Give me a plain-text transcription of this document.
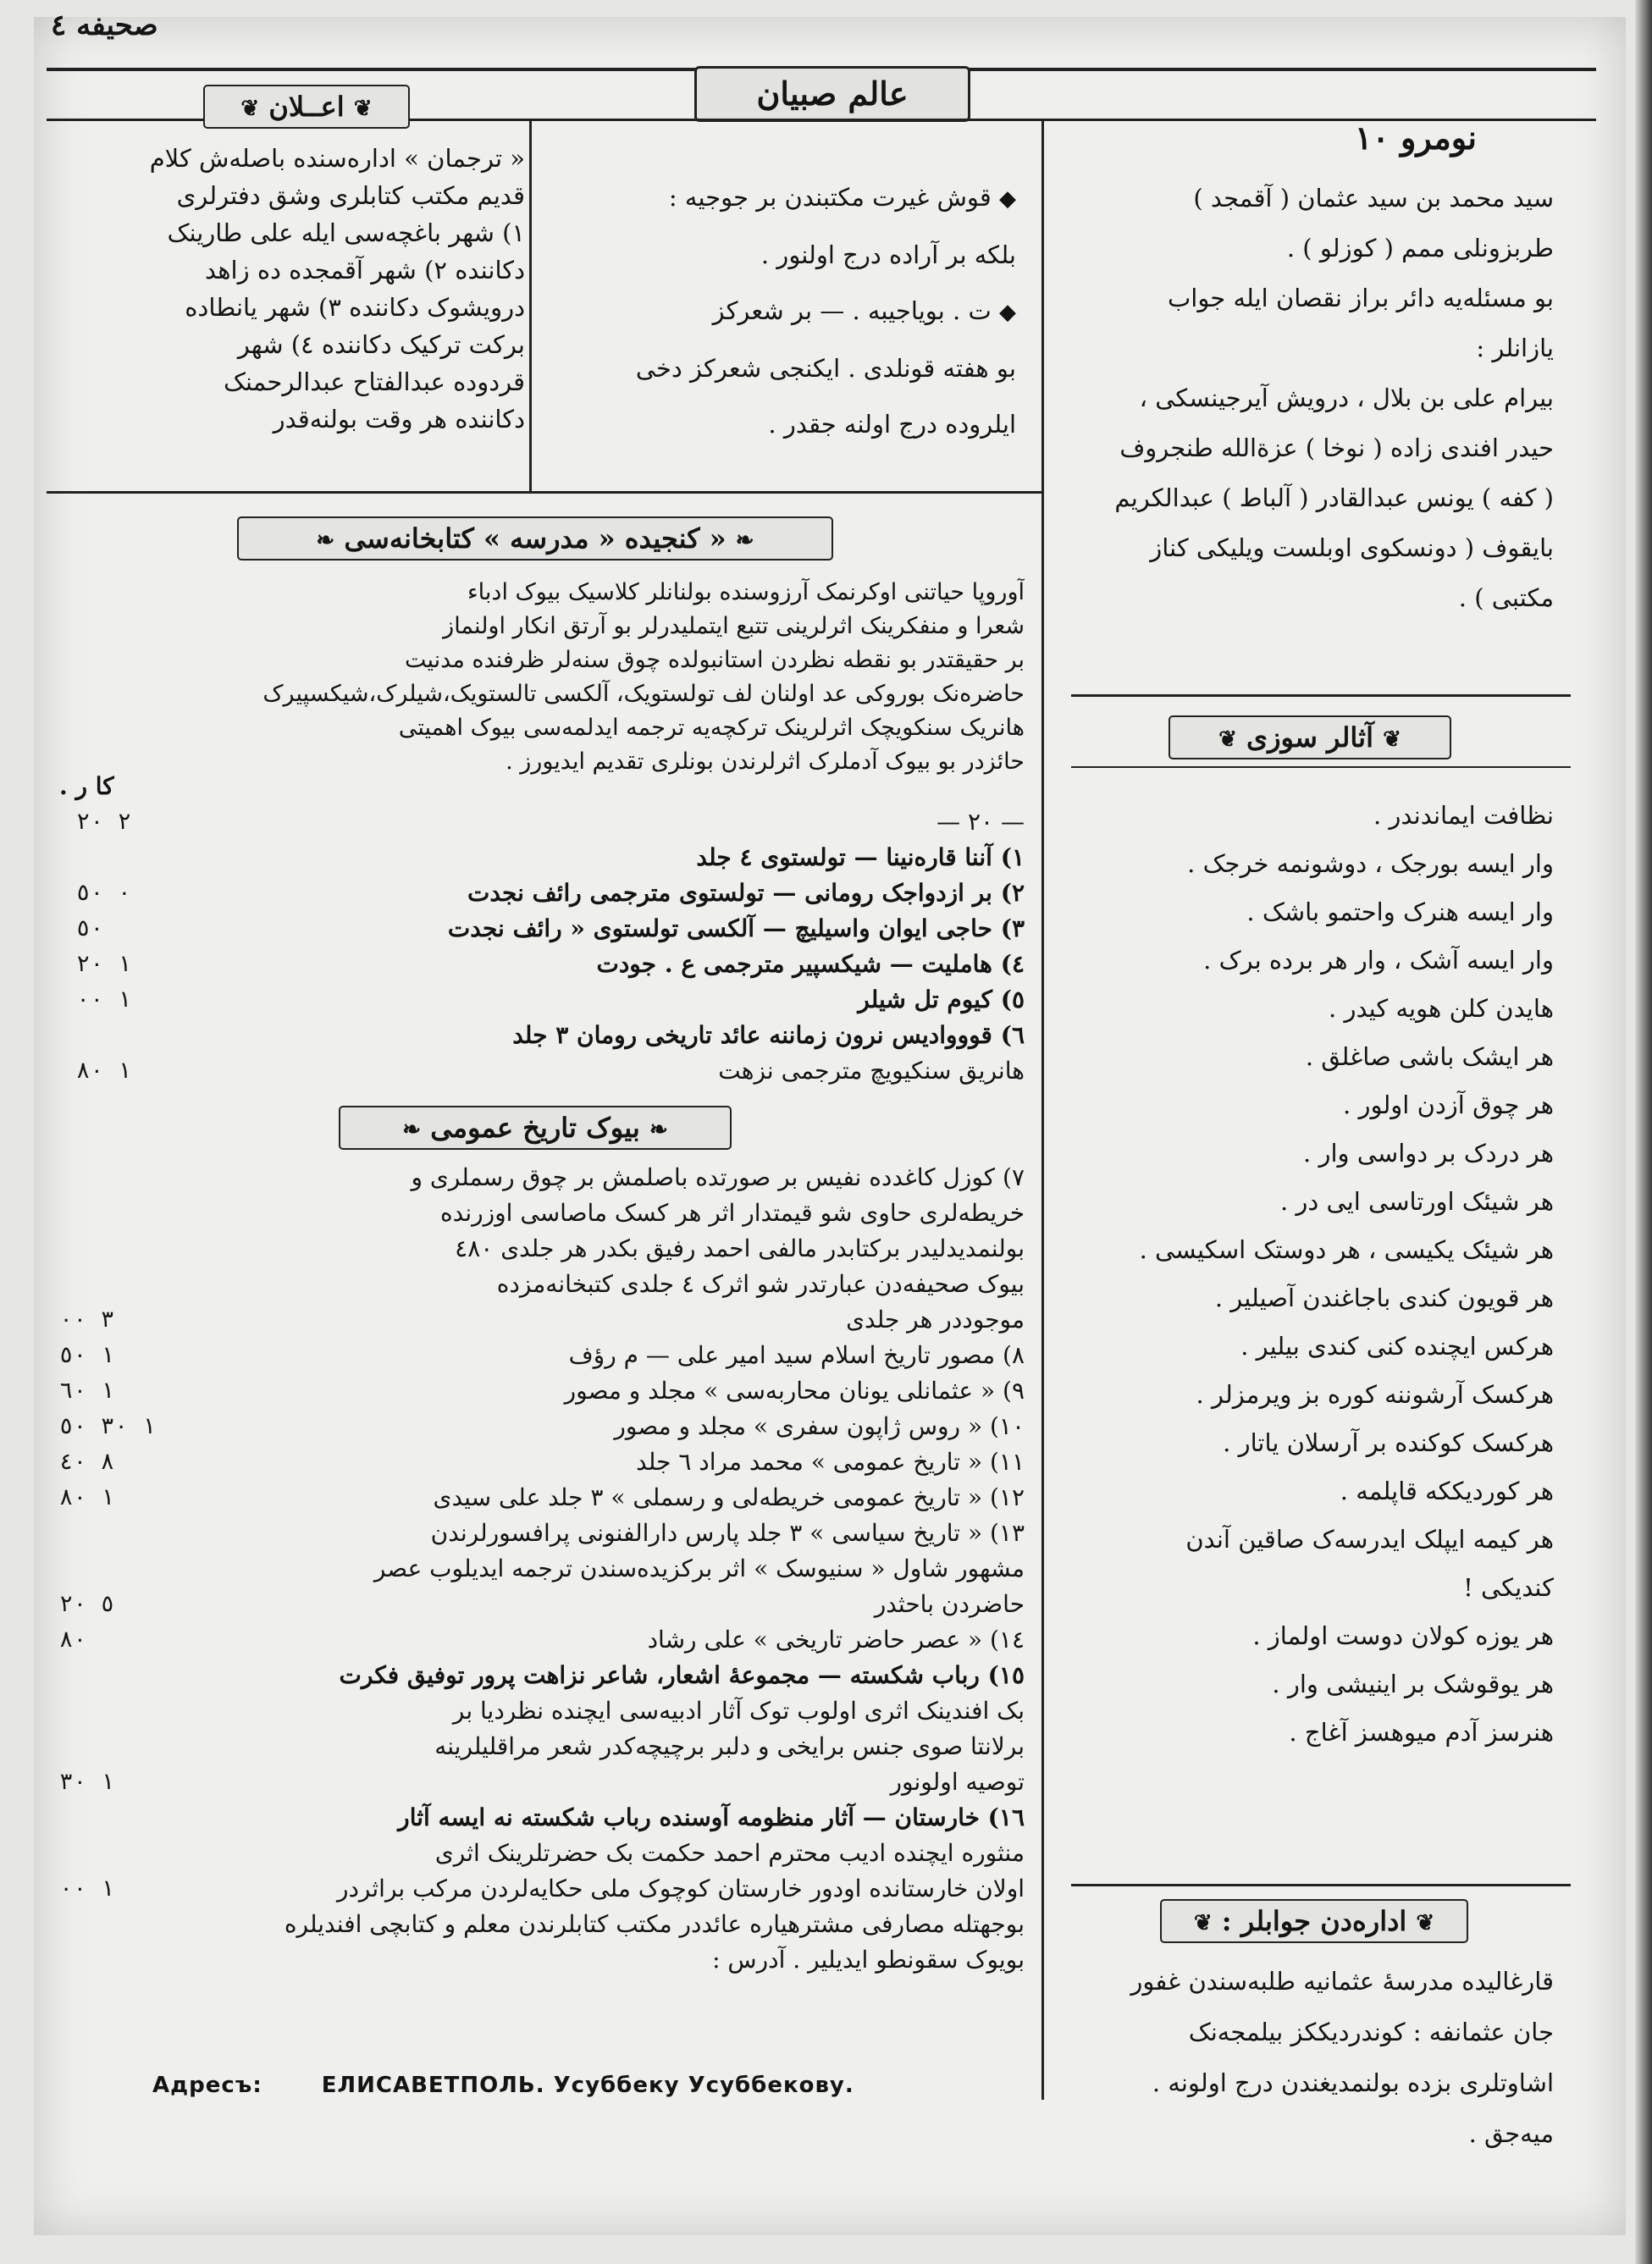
صحیفه ٤
عالم صبیان
نومرو ١٠
❦ اعــلان ❦
« ترجمان » ادارەسنده باصلەش کلام
قدیم مکتب کتابلری وشق دفترلری
١) شهر باغچەسی ایله علی طارینک
دکانندە ٢) شهر آقمجده دە زاهد
درویشوک دکاننده ٣) شهر یانطاده
برکت ترکیک دکانندە ٤) شهر
قردوده عبدالفتاح عبدالرحمنک
دکاننده هر وقت بولنەقدر
◆ قوش غیرت مکتبندن بر جوجیه :
بلکه بر آراده درج اولنور .
◆ ت . بویاجیبه . — بر شعرکز
بو هفته قونلدی . ایکنجی شعرکز دخی
ایلروده درج اولنه جقدر .
سید محمد بن سید عثمان ( آقمجد )
طربزونلی ممم ( کوزلو ) .
بو مسئلەیه دائر براز نقصان ایله جواب
یازانلر :
بیرام علی بن بلال ، درویش آیرجینسکی ،
حیدر افندی زاده ( نوخا ) عزةالله طنجروف
( کفه ) یونس عبدالقادر ( آلباط ) عبدالکریم
بایقوف ( دونسکوی اوبلست ویلیکی کناز
مکتبی ) .
❧ « کنجیده « مدرسه » کتابخانەسی ❧
آوروپا حیاتنی اوکرنمک آرزوسنده بولنانلر کلاسیک بیوک ادباء
شعرا و منفکرینک اثرلرینی تتبع ایتملیدرلر بو آرتق انکار اولنماز
بر حقیقتدر بو نقطه نظردن استانبولده چوق سنەلر ظرفنده مدنیت
حاضرەنک بوروکی عد اولنان لف تولستویک، آلکسی تالستویک،شیلرک،شیکسپیرک
هانریک سنکویچک اثرلرینک ترکچەیە ترجمه ایدلمەسی بیوک اهمیتی
حائزدر بو بیوک آدملرک اثرلرندن بونلری تقدیم ایدیورز .
کا ر .
— ٢٠ —
٢ ٢٠
١) آننا قارەنینا — تولستوی ٤ جلد
٢) بر ازدواجک رومانی — تولستوی مترجمی رائف نجدت
٠ ٥٠
٣) حاجی ایوان واسیلیچ — آلکسی تولستوی « رائف نجدت
٥٠
٤) هاملیت — شیکسپیر مترجمی ع . جودت
١ ٢٠
٥) کیوم تل شیلر
١ ٠٠
٦) قووواديس نرون زماننه عائد تاریخی رومان ٣ جلد
هانریق سنکیویچ مترجمی نزهت
١ ٨٠
❧ بیوک تاریخ عمومی ❧
٧) کوزل کاغدده نفیس بر صورتده باصلمش بر چوق رسملری و
خریطەلری حاوی شو قیمتدار اثر هر کسک ماصاسی اوزرنده
بولنمدیدلیدر برکتابدر مالفی احمد رفیق بکدر هر جلدی ٤٨٠
بیوک صحیفەدن عبارتدر شو اثرک ٤ جلدی کتبخانەمزده
موجوددر هر جلدی
٣ ٠٠
٨) مصور تاریخ اسلام سید امیر علی — م رؤف
١ ٥٠
٩) « عثمانلی یونان محاربەسی » مجلد و مصور
١ ٦٠
١٠) « روس ژاپون سفری » مجلد و مصور
١ ٣٠ ٥٠
١١) « تاریخ عمومی » محمد مراد ٦ جلد
٨ ٤٠
١٢) « تاریخ عمومی خریطەلی و رسملی » ٣ جلد علی سیدی
١ ٨٠
١٣) « تاریخ سیاسی » ٣ جلد پارس دارالفنونی پرافسورلرندن
مشهور شاول « سنیوسک » اثر برکزیدەسندن ترجمه ایدیلوب عصر
حاضردن باحثدر
٥ ٢٠
١٤) « عصر حاضر تاریخی » علی رشاد
٨٠
١٥) رباب شکسته — مجموعهٔ اشعار، شاعر نزاهت پرور توفیق فکرت
بک افندینک اثری اولوب توک آثار ادبیەسی ایچنده نظردیا بر
برلانتا صوی جنس برایخی و دلبر برچیچەکدر شعر مراقلیلرینه
توصیه اولونور
١ ٣٠
١٦) خارستان — آثار منظومه آوسنده رباب شکسته نه ایسه آثار
منثوره ایچنده ادیب محترم احمد حکمت بک حضرتلرینک اثری
اولان خارستانده اودور خارستان کوچوک ملی حکایەلردن مرکب براثردر
١ ٠٠
بوجهتله مصارفی مشترهیاره عائددر مکتب کتابلرندن معلم و کتابچی افندیلره
بویوک سقونطو ایدیلیر . آدرس :
Адресъ:	ЕЛИСАВЕТПОЛЬ. Усуббеку Усуббекову.
❦ آثالر سوزی ❦
نظافت ایماندندر .
وار ایسه بورجک ، دوشونمه خرجک .
وار ایسه هنرک واحتمو باشک .
وار ایسه آشک ، وار هر برده برک .
هایدن کلن هویه کیدر .
هر ایشک باشی صاغلق .
هر چوق آزدن اولور .
هر دردک بر دواسی وار .
هر شیئک اورتاسی ایی در .
هر شیئک یکیسی ، هر دوستک اسکیسی .
هر قویون کندی باجاغندن آصیلیر .
هرکس ایچنده کنی کندی بیلیر .
هرکسک آرشوننه کوره بز ویرمزلر .
هرکسک کوکنده بر آرسلان یاتار .
هر کوردیککه قاپلمه .
هر کیمه ایپلک ایدرسەک صاقین آندن
کندیکی !
هر یوزه کولان دوست اولماز .
هر یوقوشک بر اینیشی وار .
هنرسز آدم میوهسز آغاج .
❦ ادارەدن جوابلر : ❦
قارغالیده مدرسهٔ عثمانیه طلبەسندن غفور
جان عثمانفه : کوندردیککز بیلمجەنک
اشاوتلری بزده بولنمدیغندن درج اولونه .
میەجق .
